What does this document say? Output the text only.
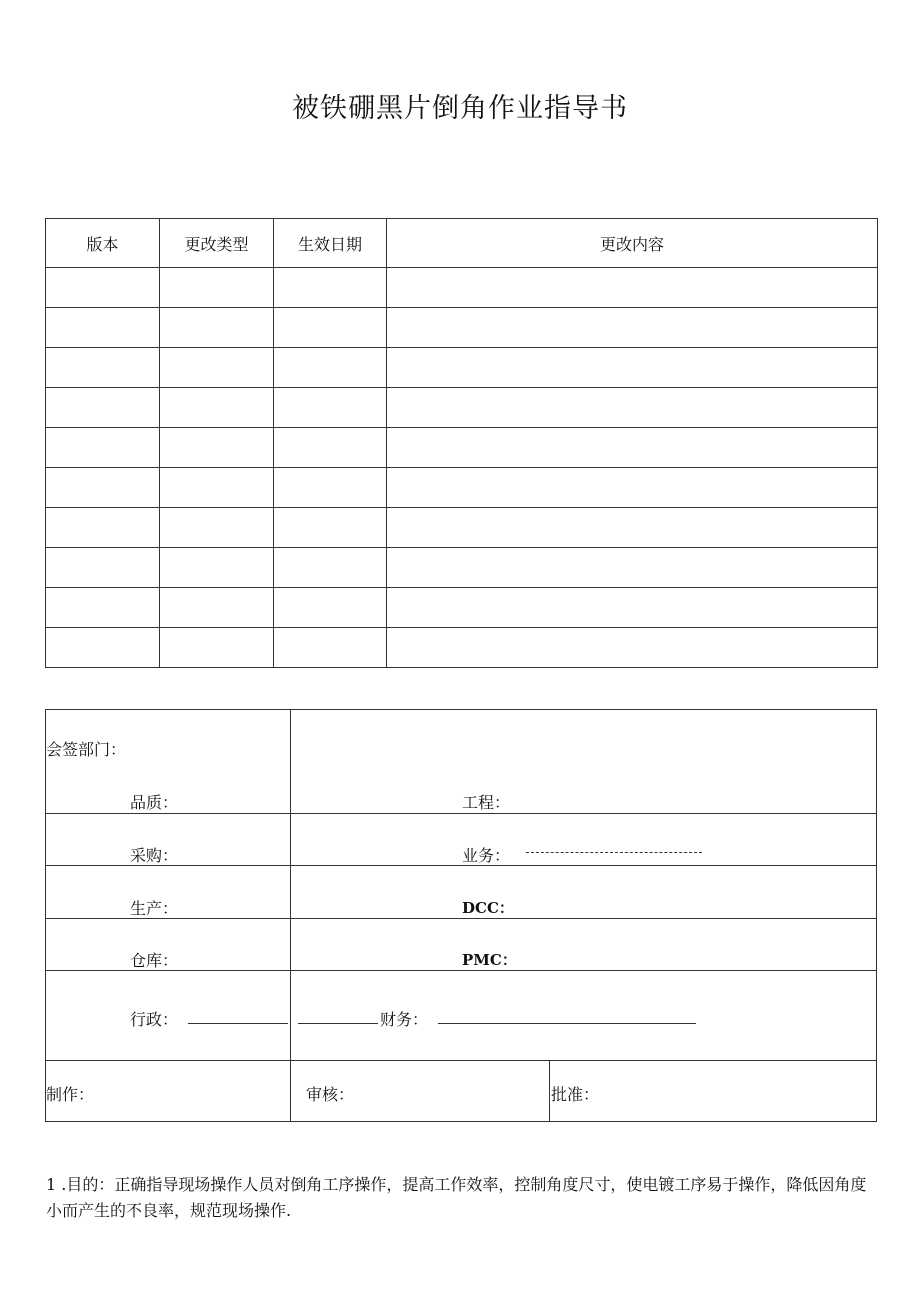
被铁硼黑片倒角作业指导书
版本	更改类型	生效日期	更改内容

会签部门：
品质：	工程：
采购：	业务：
生产：	DCC：
仓库：	PMC：
行政：	财务：
制作：	审核：	批准：
1 .目的：正确指导现场操作人员对倒角工序操作，提高工作效率，控制角度尺寸，使电镀工序易于操作，降低因角度小而产生的不良率，规范现场操作.
